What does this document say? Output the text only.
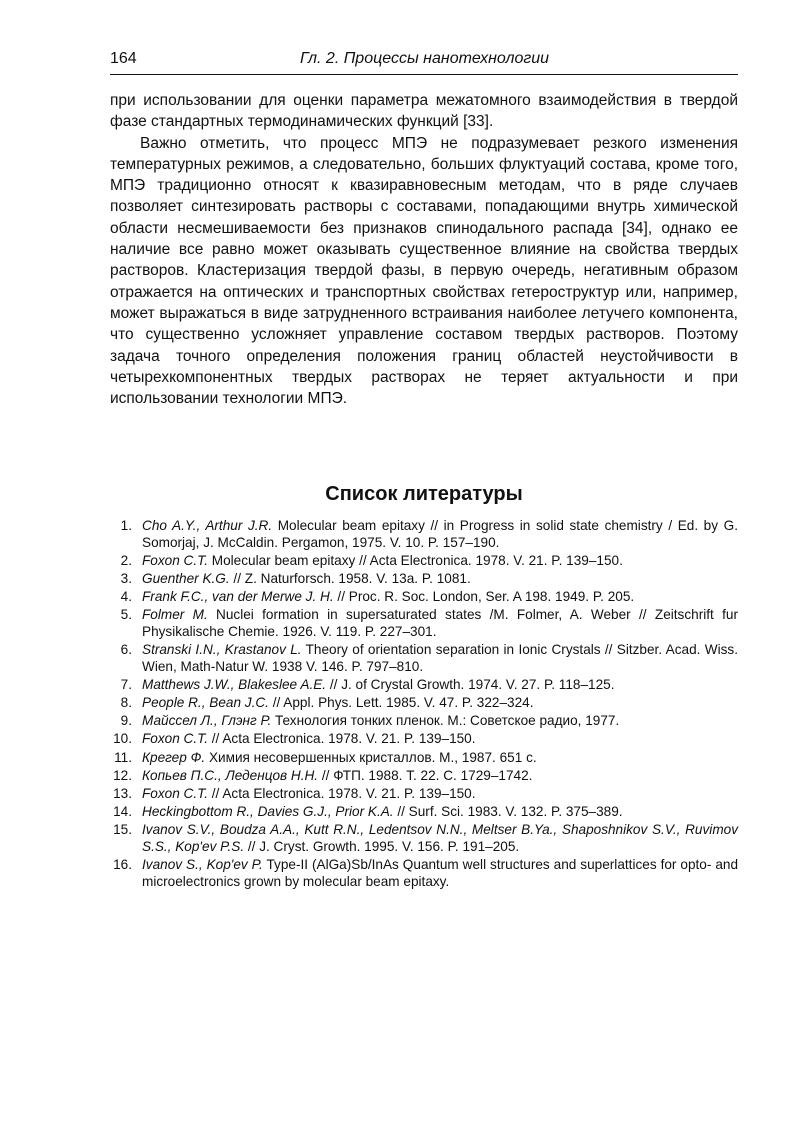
164	Гл. 2. Процессы нанотехнологии

при использовании для оценки параметра межатомного взаимодействия в твердой фазе стандартных термодинамических функций [33].

Важно отметить, что процесс МПЭ не подразумевает резкого изменения температурных режимов, а следовательно, больших флуктуаций состава, кроме того, МПЭ традиционно относят к квазиравновесным методам, что в ряде случаев позволяет синтезировать растворы с составами, попадающими внутрь химической области несмешиваемости без признаков спинодального распада [34], однако ее наличие все равно может оказывать существенное влияние на свойства твердых растворов. Кластеризация твердой фазы, в первую очередь, негативным образом отражается на оптических и транспортных свойствах гетероструктур или, например, может выражаться в виде затрудненного встраивания наиболее летучего компонента, что существенно усложняет управление составом твердых растворов. Поэтому задача точного определения положения границ областей неустойчивости в четырехкомпонентных твердых растворах не теряет актуальности и при использовании технологии МПЭ.

Список литературы
1. Cho A.Y., Arthur J.R. Molecular beam epitaxy // in Progress in solid state chemistry / Ed. by G. Somorjaj, J. McCaldin. Pergamon, 1975. V. 10. P. 157–190.
2. Foxon C.T. Molecular beam epitaxy // Acta Electronica. 1978. V. 21. P. 139–150.
3. Guenther K.G. // Z. Naturforsch. 1958. V. 13a. P. 1081.
4. Frank F.C., van der Merwe J. H. // Proc. R. Soc. London, Ser. A 198. 1949. P. 205.
5. Folmer M. Nuclei formation in supersaturated states /M. Folmer, A. Weber // Zeitschrift fur Physikalische Chemie. 1926. V. 119. P. 227–301.
6. Stranski I.N., Krastanov L. Theory of orientation separation in Ionic Crystals // Sitzber. Acad. Wiss. Wien, Math-Natur W. 1938 V. 146. P. 797–810.
7. Matthews J.W., Blakeslee A.E. // J. of Crystal Growth. 1974. V. 27. P. 118–125.
8. People R., Bean J.C. // Appl. Phys. Lett. 1985. V. 47. P. 322–324.
9. Майссел Л., Глэнг Р. Технология тонких пленок. М.: Советское радио, 1977.
10. Foxon C.T. // Acta Electronica. 1978. V. 21. P. 139–150.
11. Крегер Ф. Химия несовершенных кристаллов. М., 1987. 651 с.
12. Копьев П.С., Леденцов Н.Н. // ФТП. 1988. Т. 22. С. 1729–1742.
13. Foxon C.T. // Acta Electronica. 1978. V. 21. P. 139–150.
14. Heckingbottom R., Davies G.J., Prior K.A. // Surf. Sci. 1983. V. 132. P. 375–389.
15. Ivanov S.V., Boudza A.A., Kutt R.N., Ledentsov N.N., Meltser B.Ya., Shaposhnikov S.V., Ruvimov S.S., Kop'ev P.S. // J. Cryst. Growth. 1995. V. 156. P. 191–205.
16. Ivanov S., Kop'ev P. Type-II (AlGa)Sb/InAs Quantum well structures and superlattices for opto- and microelectronics grown by molecular beam epitaxy.
